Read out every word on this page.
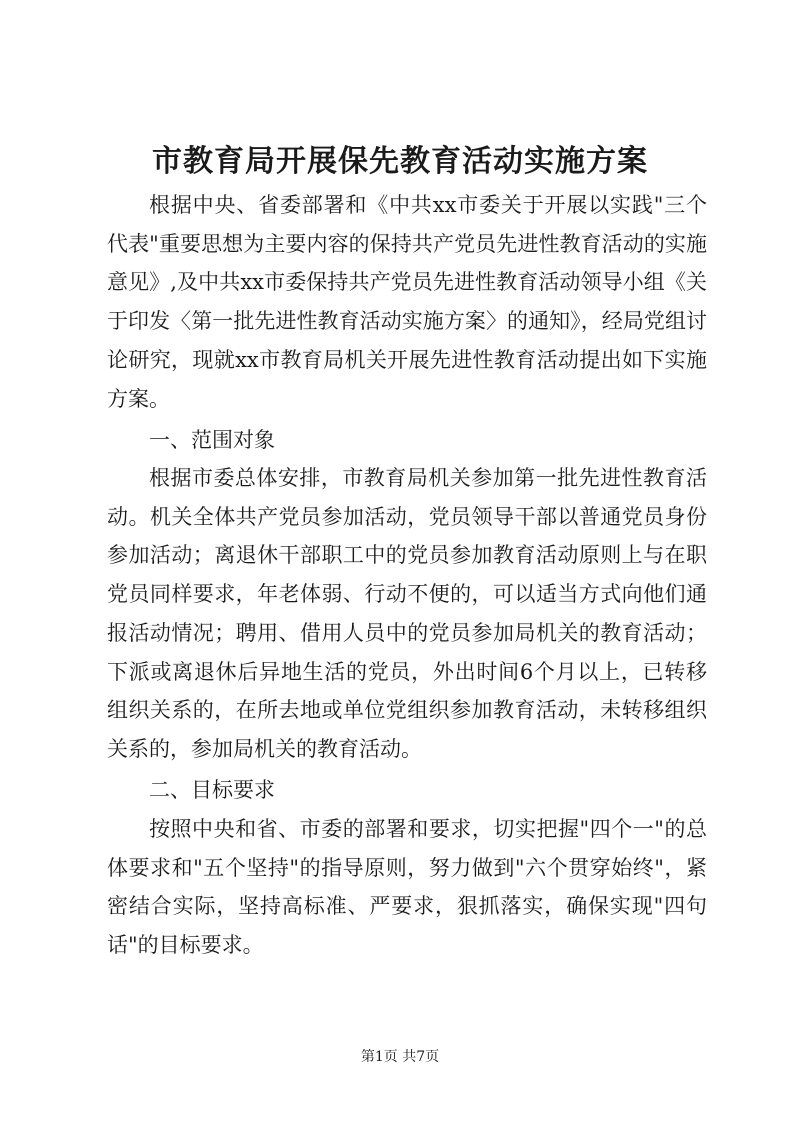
市教育局开展保先教育活动实施方案

根据中央、省委部署和《中共xx市委关于开展以实践"三个代表"重要思想为主要内容的保持共产党员先进性教育活动的实施意见》,及中共xx市委保持共产党员先进性教育活动领导小组《关于印发〈第一批先进性教育活动实施方案〉的通知》，经局党组讨论研究，现就xx市教育局机关开展先进性教育活动提出如下实施方案。

一、范围对象

根据市委总体安排，市教育局机关参加第一批先进性教育活动。机关全体共产党员参加活动，党员领导干部以普通党员身份参加活动；离退休干部职工中的党员参加教育活动原则上与在职党员同样要求，年老体弱、行动不便的，可以适当方式向他们通报活动情况；聘用、借用人员中的党员参加局机关的教育活动；下派或离退休后异地生活的党员，外出时间6个月以上，已转移组织关系的，在所去地或单位党组织参加教育活动，未转移组织关系的，参加局机关的教育活动。

二、目标要求

按照中央和省、市委的部署和要求，切实把握"四个一"的总体要求和"五个坚持"的指导原则，努力做到"六个贯穿始终"，紧密结合实际，坚持高标准、严要求，狠抓落实，确保实现"四句话"的目标要求。

第1页 共7页
